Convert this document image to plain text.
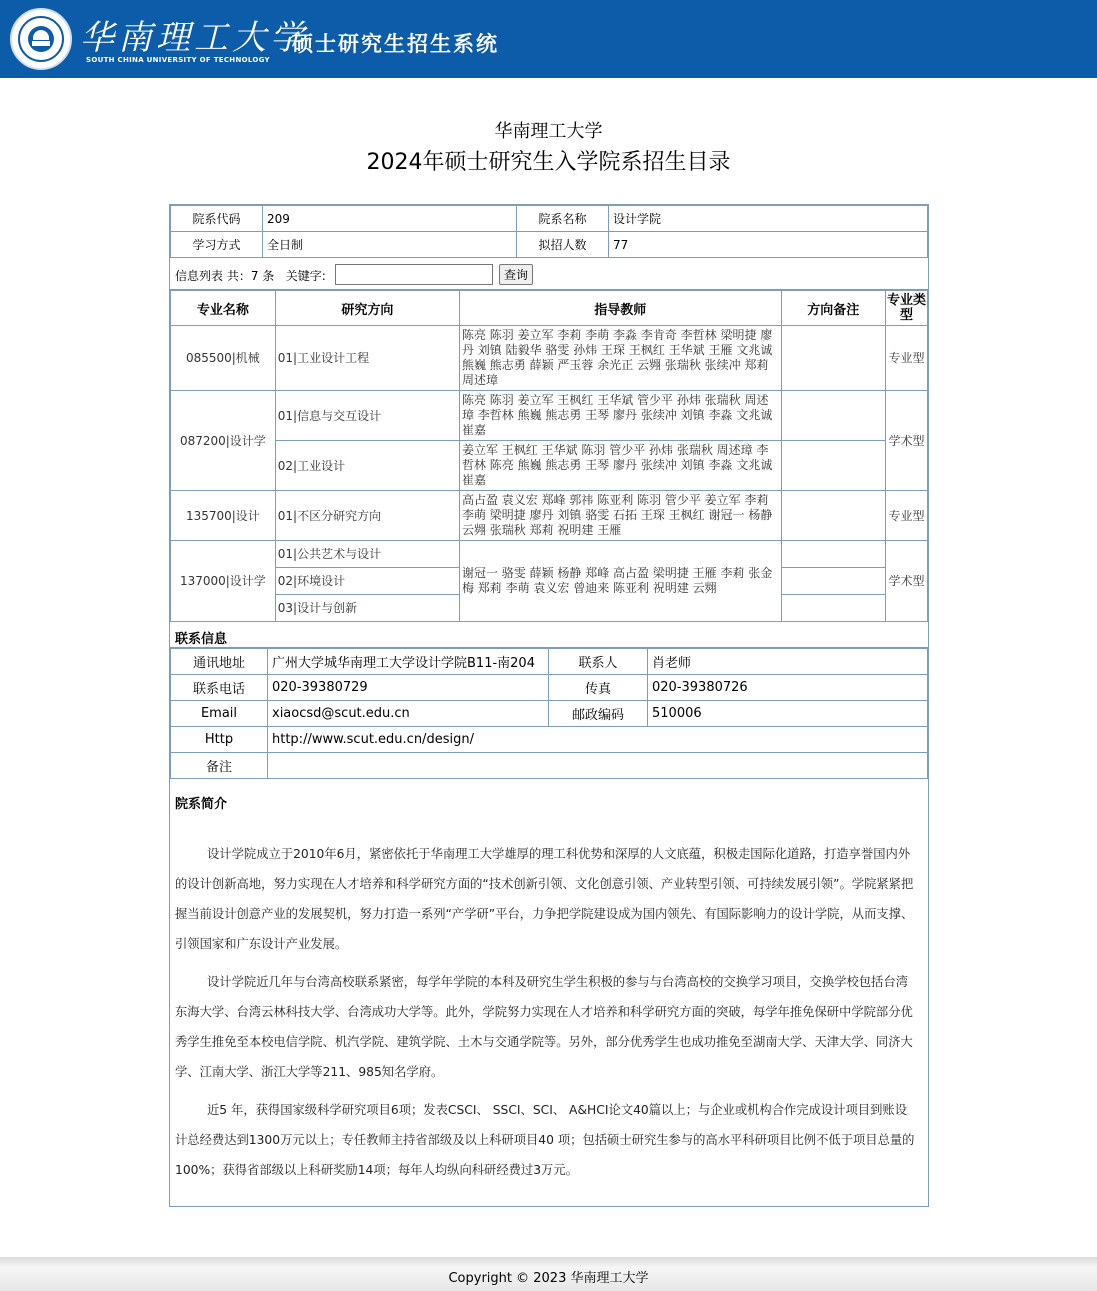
华南理工大学
SOUTH CHINA UNIVERSITY OF TECHNOLOGY
硕士研究生招生系统
华南理工大学
2024年硕士研究生入学院系招生目录
院系代码	209	院系名称	设计学院
学习方式	全日制	拟招人数	77
信息列表 共：7 条 关键字:	查询
专业名称	研究方向	指导教师	方向备注	专业类型
085500|机械	01|工业设计工程	陈亮 陈羽 姜立军 李莉 李萌 李淼 李肯奇 李哲林 梁明捷 廖丹 刘镇 陆毅华 骆雯 孙炜 王琛 王枫红 王华斌 王雁 文兆诚 熊巍 熊志勇 薛颖 严玉蓉 余光正 云翙 张瑞秋 张续冲 郑莉 周述璋		专业型
087200|设计学	01|信息与交互设计	陈亮 陈羽 姜立军 王枫红 王华斌 管少平 孙炜 张瑞秋 周述璋 李哲林 熊巍 熊志勇 王琴 廖丹 张续冲 刘镇 李淼 文兆诚 崔嘉		学术型
	02|工业设计	姜立军 王枫红 王华斌 陈羽 管少平 孙炜 张瑞秋 周述璋 李哲林 陈亮 熊巍 熊志勇 王琴 廖丹 张续冲 刘镇 李淼 文兆诚 崔嘉		
135700|设计	01|不区分研究方向	高占盈 袁义宏 郑峰 郭祎 陈亚利 陈羽 管少平 姜立军 李莉 李萌 梁明捷 廖丹 刘镇 骆雯 石拓 王琛 王枫红 谢冠一 杨静 云翙 张瑞秋 郑莉 祝明建 王雁		专业型
137000|设计学	01|公共艺术与设计	谢冠一 骆雯 薛颖 杨静 郑峰 高占盈 梁明捷 王雁 李莉 张金梅 郑莉 李萌 袁义宏 曾迪来 陈亚利 祝明建 云翙		学术型
	02|环境设计			
	03|设计与创新			
联系信息
通讯地址	广州大学城华南理工大学设计学院B11-南204	联系人	肖老师
联系电话	020-39380729	传真	020-39380726
Email	xiaocsd@scut.edu.cn	邮政编码	510006
Http	http://www.scut.edu.cn/design/		
备注			
院系简介

设计学院成立于2010年6月，紧密依托于华南理工大学雄厚的理工科优势和深厚的人文底蕴，积极走国际化道路，打造享誉国内外的设计创新高地，努力实现在人才培养和科学研究方面的“技术创新引领、文化创意引领、产业转型引领、可持续发展引领”。学院紧紧把握当前设计创意产业的发展契机，努力打造一系列“产学研”平台，力争把学院建设成为国内领先、有国际影响力的设计学院，从而支撑、引领国家和广东设计产业发展。

设计学院近几年与台湾高校联系紧密，每学年学院的本科及研究生学生积极的参与与台湾高校的交换学习项目，交换学校包括台湾东海大学、台湾云林科技大学、台湾成功大学等。此外，学院努力实现在人才培养和科学研究方面的突破，每学年推免保研中学院部分优秀学生推免至本校电信学院、机汽学院、建筑学院、土木与交通学院等。另外，部分优秀学生也成功推免至湖南大学、天津大学、同济大学、江南大学、浙江大学等211、985知名学府。

近5 年，获得国家级科学研究项目6项；发表CSCI、 SSCI、SCI、 A&HCI论文40篇以上；与企业或机构合作完成设计项目到账设计总经费达到1300万元以上；专任教师主持省部级及以上科研项目40 项；包括硕士研究生参与的高水平科研项目比例不低于项目总量的100%；获得省部级以上科研奖励14项；每年人均纵向科研经费过3万元。

Copyright © 2023 华南理工大学
